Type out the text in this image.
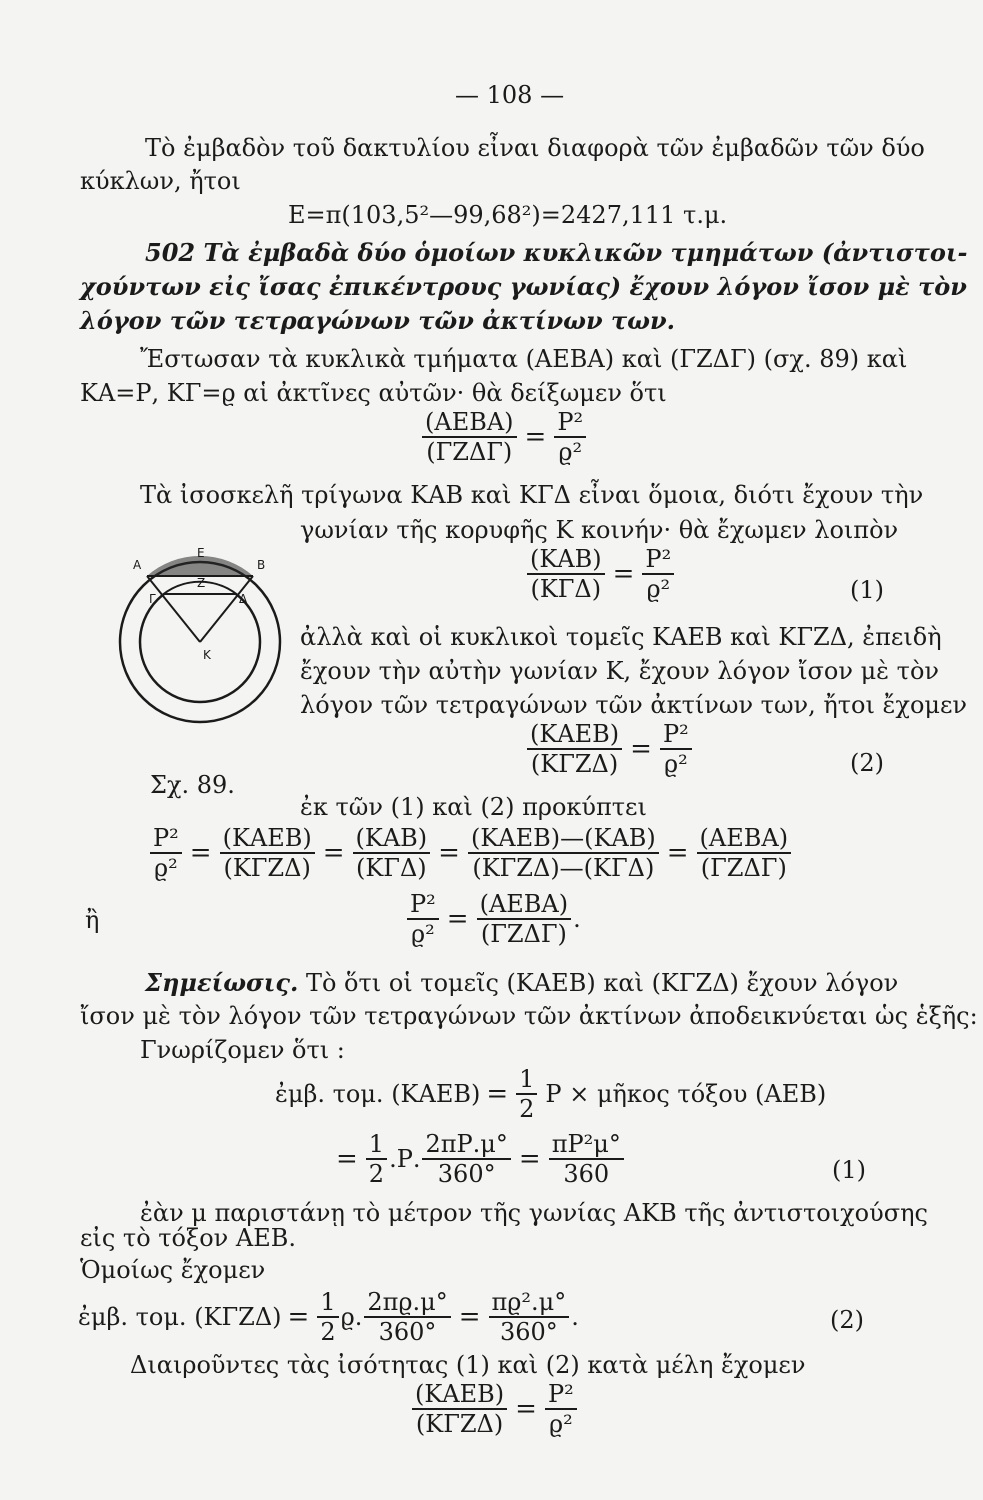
— 108 —
Τὸ ἐμβαδὸν τοῦ δακτυλίου εἶναι διαφορὰ τῶν ἐμβαδῶν τῶν δύο
κύκλων, ἤτοι
Ε=π(103,5²—99,68²)=2427,111 τ.μ.
502 Τὰ ἐμβαδὰ δύο ὁμοίων κυκλικῶν τμημάτων (ἀντιστοι-
χούντων εἰς ἴσας ἐπικέντρους γωνίας) ἔχουν λόγον ἴσον μὲ τὸν
λόγον τῶν τετραγώνων τῶν ἀκτίνων των.
Ἔστωσαν τὰ κυκλικὰ τμήματα (ΑΕΒΑ) καὶ (ΓΖΔΓ) (σχ. 89) καὶ
ΚΑ=Ρ, ΚΓ=ϱ αἱ ἀκτῖνες αὐτῶν· θὰ δείξωμεν ὅτι
$\frac{\text{(ΑΕΒΑ)}}{\text{(ΓΖΔΓ)}} = \frac{\text{Ρ²}}{\text{ϱ²}}$
Τὰ ἰσοσκελῆ τρίγωνα ΚΑΒ καὶ ΚΓΔ εἶναι ὅμοια, διότι ἔχουν τὴν
γωνίαν τῆς κορυφῆς Κ κοινήν· θὰ ἔχωμεν λοιπὸν
Α
Ε
Β
Γ
Ζ
Δ
Κ
Σχ. 89.
$\frac{\text{(ΚΑΒ)}}{\text{(ΚΓΔ)}} = \frac{\text{Ρ²}}{\text{ϱ²}}$	(1)
ἀλλὰ καὶ οἱ κυκλικοὶ τομεῖς ΚΑΕΒ καὶ ΚΓΖΔ, ἐπειδὴ
ἔχουν τὴν αὐτὴν γωνίαν Κ, ἔχουν λόγον ἴσον μὲ τὸν
λόγον τῶν τετραγώνων τῶν ἀκτίνων των, ἤτοι ἔχομεν
$\frac{\text{(ΚΑΕΒ)}}{\text{(ΚΓΖΔ)}} = \frac{\text{Ρ²}}{\text{ϱ²}}$	(2)
ἐκ τῶν (1) καὶ (2) προκύπτει
$\frac{\text{Ρ²}}{\text{ϱ²}} = \frac{\text{(ΚΑΕΒ)}}{\text{(ΚΓΖΔ)}} = \frac{\text{(ΚΑΒ)}}{\text{(ΚΓΔ)}} = \frac{\text{(ΚΑΕΒ)—(ΚΑΒ)}}{\text{(ΚΓΖΔ)—(ΚΓΔ)}} = \frac{\text{(ΑΕΒΑ)}}{\text{(ΓΖΔΓ)}}$
ἢ	$\frac{\text{Ρ²}}{\text{ϱ²}} = \frac{\text{(ΑΕΒΑ)}}{\text{(ΓΖΔΓ)}}$ .
Σημείωσις. Τὸ ὅτι οἱ τομεῖς (ΚΑΕΒ) καὶ (ΚΓΖΔ) ἔχουν λόγον
ἴσον μὲ τὸν λόγον τῶν τετραγώνων τῶν ἀκτίνων ἀποδεικνύεται ὡς ἑξῆς:
Γνωρίζομεν ὅτι :
ἐμβ. τομ. $(KAEB) = \frac{1}{2}$ Ρ × μῆκος τόξου (ΑΕΒ)
= $\frac{1}{2} .P$. $\frac{2\pi P.\mu^\circ}{360^\circ} = \frac{\text{πΡ²μ°}}{360}$	(1)
ἐὰν μ παριστάνῃ τὸ μέτρον τῆς γωνίας ΑΚΒ τῆς ἀντιστοιχούσης
εἰς τὸ τόξον ΑΕΒ.
Ὁμοίως ἔχομεν
ἐμβ. τομ. $(K\Gamma Z\Delta) = \frac{1}{2} ϱ$. $\frac{2\pi ϱ.\mu^\circ}{360^\circ} = \frac{\text{πϱ².μ°}}{360^\circ}$ .	(2)
Διαιροῦντες τὰς ἰσότητας (1) καὶ (2) κατὰ μέλη ἔχομεν
$\frac{\text{(ΚΑΕΒ)}}{\text{(ΚΓΖΔ)}} = \frac{\text{Ρ²}}{\text{ϱ²}}$
